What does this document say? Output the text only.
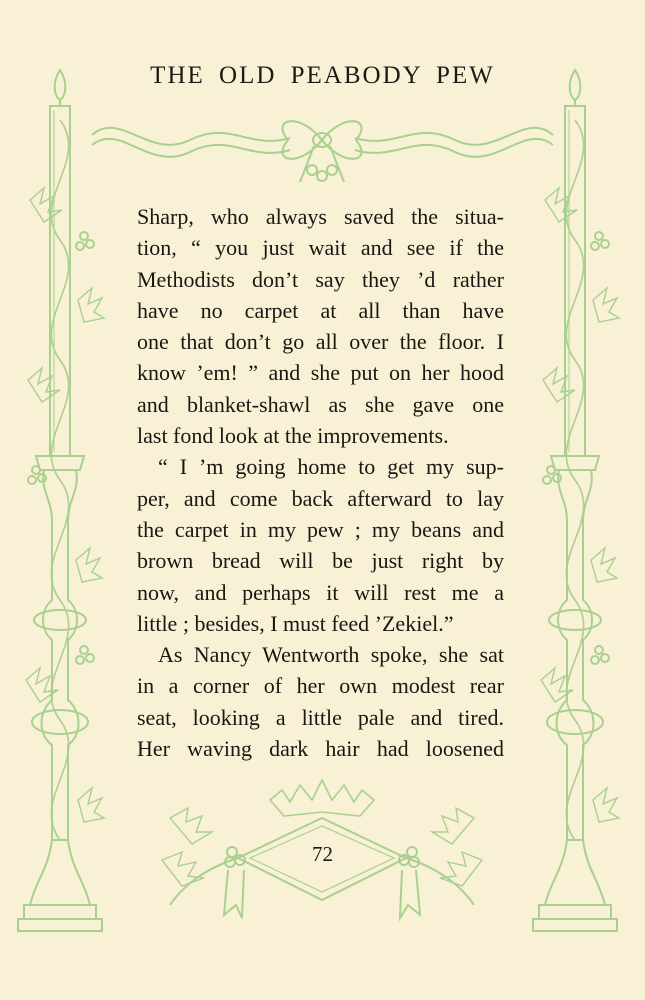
THE OLD PEABODY PEW
Sharp, who always saved the situa-
tion, “ you just wait and see if the
Methodists don’t say they ’d rather
have no carpet at all than have
one that don’t go all over the floor. I
know ’em! ” and she put on her hood
and blanket-shawl as she gave one
last fond look at the improvements.
“ I ’m going home to get my sup-
per, and come back afterward to lay
the carpet in my pew ; my beans and
brown bread will be just right by
now, and perhaps it will rest me a
little ; besides, I must feed ’Zekiel.”
As Nancy Wentworth spoke, she sat
in a corner of her own modest rear
seat, looking a little pale and tired.
Her waving dark hair had loosened
72
